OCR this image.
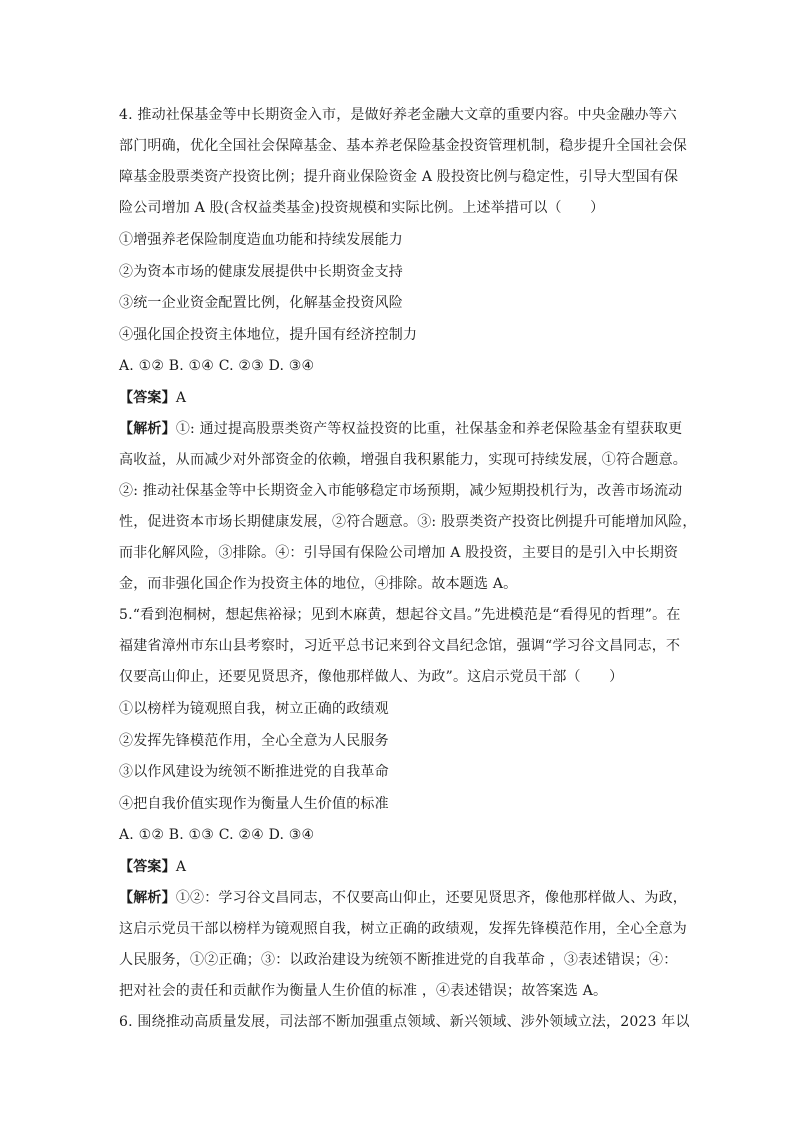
4. 推动社保基金等中长期资金入市，是做好养老金融大文章的重要内容。中央金融办等六
部门明确，优化全国社会保障基金、基本养老保险基金投资管理机制，稳步提升全国社会保
障基金股票类资产投资比例；提升商业保险资金 A 股投资比例与稳定性，引导大型国有保
险公司增加 A 股(含权益类基金)投资规模和实际比例。上述举措可以（　　）
①增强养老保险制度造血功能和持续发展能力
②为资本市场的健康发展提供中长期资金支持
③统一企业资金配置比例，化解基金投资风险
④强化国企投资主体地位，提升国有经济控制力
A. ①② B. ①④ C. ②③ D. ③④
【答案】A
【解析】①: 通过提高股票类资产等权益投资的比重，社保基金和养老保险基金有望获取更
高收益，从而减少对外部资金的依赖，增强自我积累能力，实现可持续发展，①符合题意。
②: 推动社保基金等中长期资金入市能够稳定市场预期，减少短期投机行为，改善市场流动
性，促进资本市场长期健康发展，②符合题意。③: 股票类资产投资比例提升可能增加风险，
而非化解风险，③排除。④：引导国有保险公司增加 A 股投资，主要目的是引入中长期资
金，而非强化国企作为投资主体的地位，④排除。故本题选 A。
5.“看到泡桐树，想起焦裕禄；见到木麻黄，想起谷文昌。”先进模范是“看得见的哲理”。在
福建省漳州市东山县考察时，习近平总书记来到谷文昌纪念馆，强调“学习谷文昌同志，不
仅要高山仰止，还要见贤思齐，像他那样做人、为政”。这启示党员干部（　　）
①以榜样为镜观照自我，树立正确的政绩观
②发挥先锋模范作用，全心全意为人民服务
③以作风建设为统领不断推进党的自我革命
④把自我价值实现作为衡量人生价值的标准
A. ①② B. ①③ C. ②④ D. ③④
【答案】A
【解析】①②：学习谷文昌同志，不仅要高山仰止，还要见贤思齐，像他那样做人、为政，
这启示党员干部以榜样为镜观照自我，树立正确的政绩观，发挥先锋模范作用，全心全意为
人民服务，①②正确；③：以政治建设为统领不断推进党的自我革命 ，③表述错误；④：
把对社会的责任和贡献作为衡量人生价值的标准 ，④表述错误；故答案选 A。
6. 围绕推动高质量发展，司法部不断加强重点领域、新兴领域、涉外领域立法，2023 年以
